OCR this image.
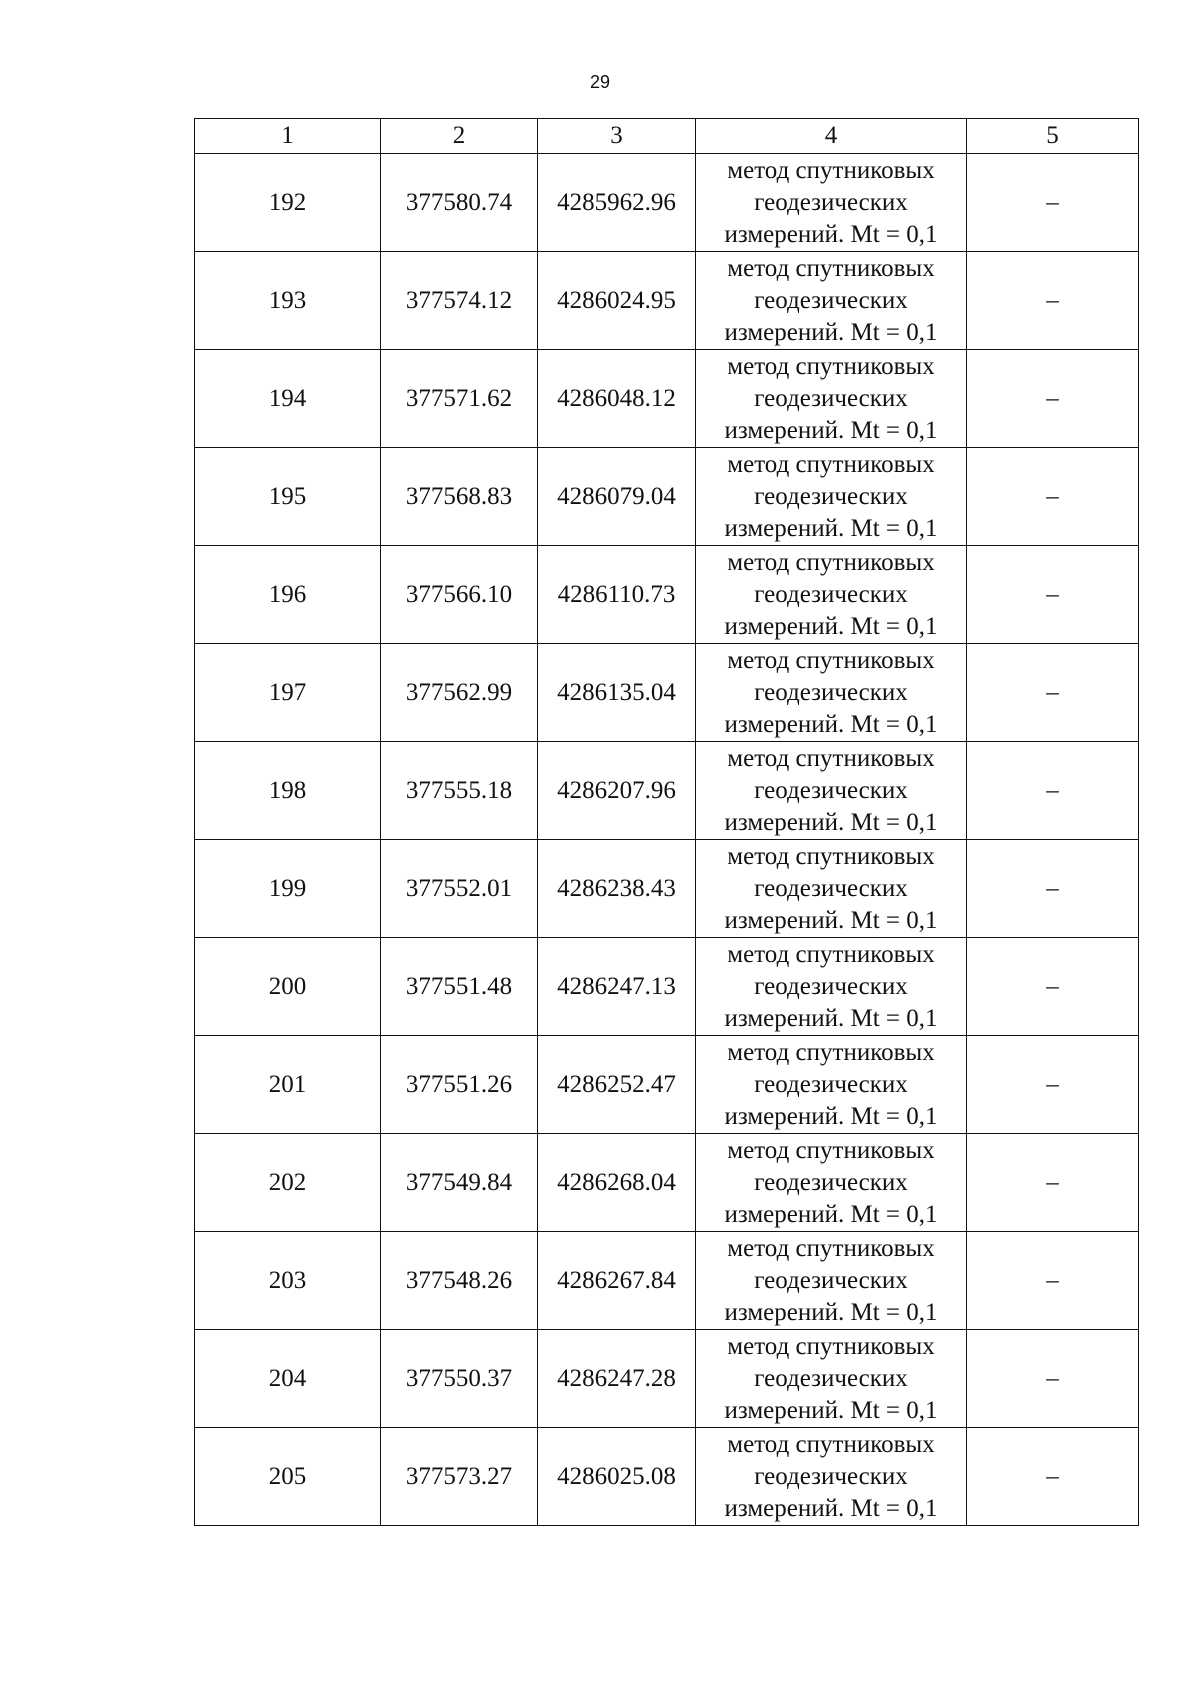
29
1	2	3	4	5
192	377580.74	4285962.96	метод спутниковых
геодезических
измерений. Mt = 0,1	–
193	377574.12	4286024.95	метод спутниковых
геодезических
измерений. Mt = 0,1	–
194	377571.62	4286048.12	метод спутниковых
геодезических
измерений. Mt = 0,1	–
195	377568.83	4286079.04	метод спутниковых
геодезических
измерений. Mt = 0,1	–
196	377566.10	4286110.73	метод спутниковых
геодезических
измерений. Mt = 0,1	–
197	377562.99	4286135.04	метод спутниковых
геодезических
измерений. Mt = 0,1	–
198	377555.18	4286207.96	метод спутниковых
геодезических
измерений. Mt = 0,1	–
199	377552.01	4286238.43	метод спутниковых
геодезических
измерений. Mt = 0,1	–
200	377551.48	4286247.13	метод спутниковых
геодезических
измерений. Mt = 0,1	–
201	377551.26	4286252.47	метод спутниковых
геодезических
измерений. Mt = 0,1	–
202	377549.84	4286268.04	метод спутниковых
геодезических
измерений. Mt = 0,1	–
203	377548.26	4286267.84	метод спутниковых
геодезических
измерений. Mt = 0,1	–
204	377550.37	4286247.28	метод спутниковых
геодезических
измерений. Mt = 0,1	–
205	377573.27	4286025.08	метод спутниковых
геодезических
измерений. Mt = 0,1	–
